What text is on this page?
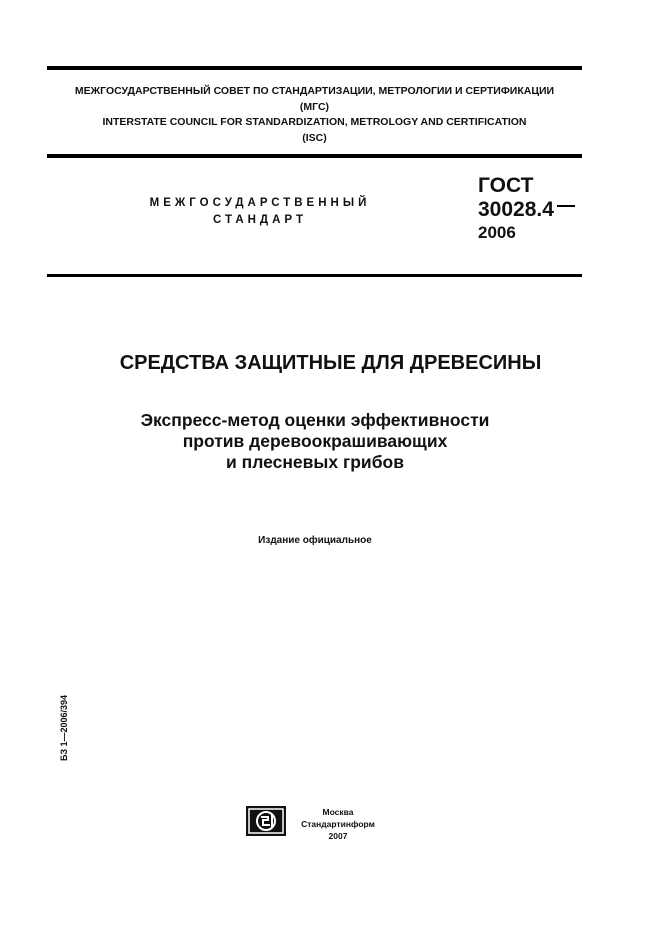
МЕЖГОСУДАРСТВЕННЫЙ СОВЕТ ПО СТАНДАРТИЗАЦИИ, МЕТРОЛОГИИ И СЕРТИФИКАЦИИ
(МГС)
INTERSTATE COUNCIL FOR STANDARDIZATION, METROLOGY AND CERTIFICATION
(ISC)
МЕЖГОСУДАРСТВЕННЫЙ
СТАНДАРТ
ГОСТ
30028.4
2006
СРЕДСТВА ЗАЩИТНЫЕ ДЛЯ ДРЕВЕСИНЫ
Экспресс-метод оценки эффективности
против деревоокрашивающих
и плесневых грибов
Издание официальное
БЗ 1—2006/394
Москва
Стандартинформ
2007
